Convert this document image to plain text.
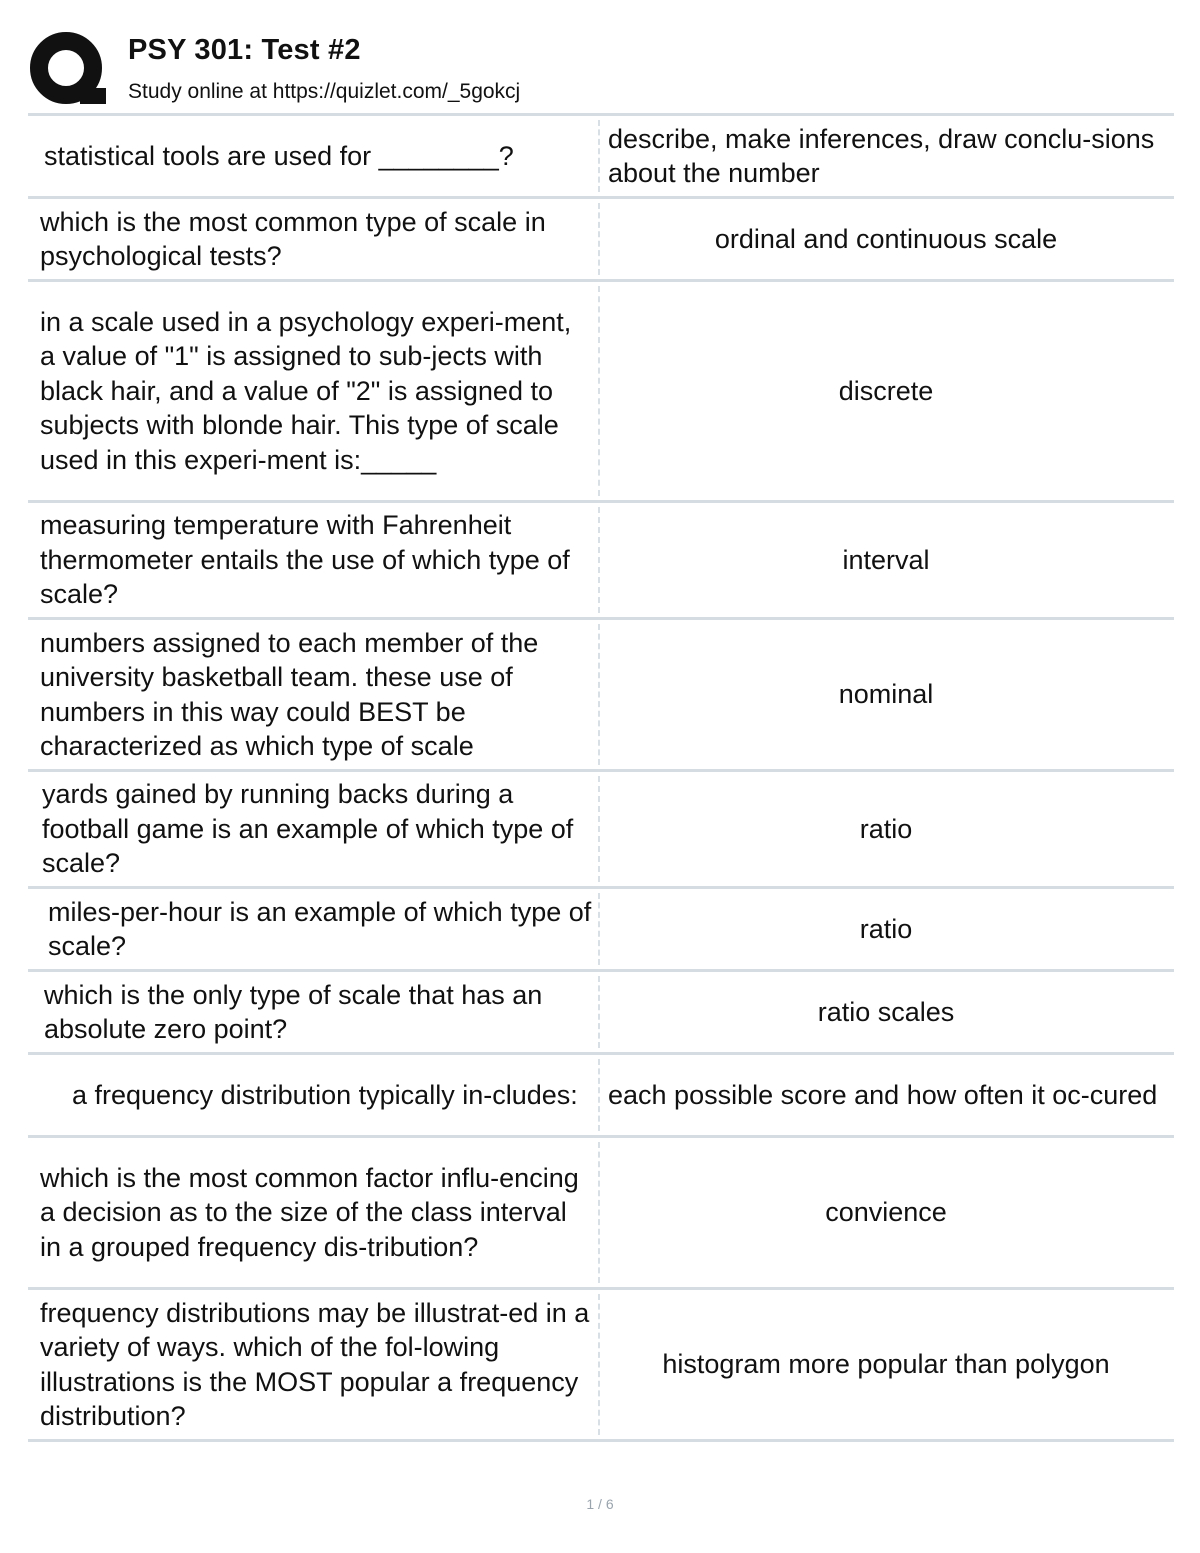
PSY 301: Test #2
Study online at https://quizlet.com/_5gokcj
statistical tools are used for ________?
describe, make inferences, draw conclu-sions about the number
which is the most common type of scale in psychological tests?
ordinal and continuous scale
in a scale used in a psychology experi-ment, a value of "1" is assigned to sub-jects with black hair, and a value of "2" is assigned to subjects with blonde hair. This type of scale used in this experi-ment is:_____
discrete
measuring temperature with Fahrenheit thermometer entails the use of which type of scale?
interval
numbers assigned to each member of the university basketball team. these use of numbers in this way could BEST be characterized as which type of scale
nominal
yards gained by running backs during a football game is an example of which type of scale?
ratio
miles-per-hour is an example of which type of scale?
ratio
which is the only type of scale that has an absolute zero point?
ratio scales
a frequency distribution typically in-cludes:	each possible score and how often it oc-cured
which is the most common factor influ-encing a decision as to the size of the class interval in a grouped frequency dis-tribution?
convience
frequency distributions may be illustrat-ed in a variety of ways. which of the fol-lowing illustrations is the MOST popular a frequency distribution?
histogram more popular than polygon
1 / 6
